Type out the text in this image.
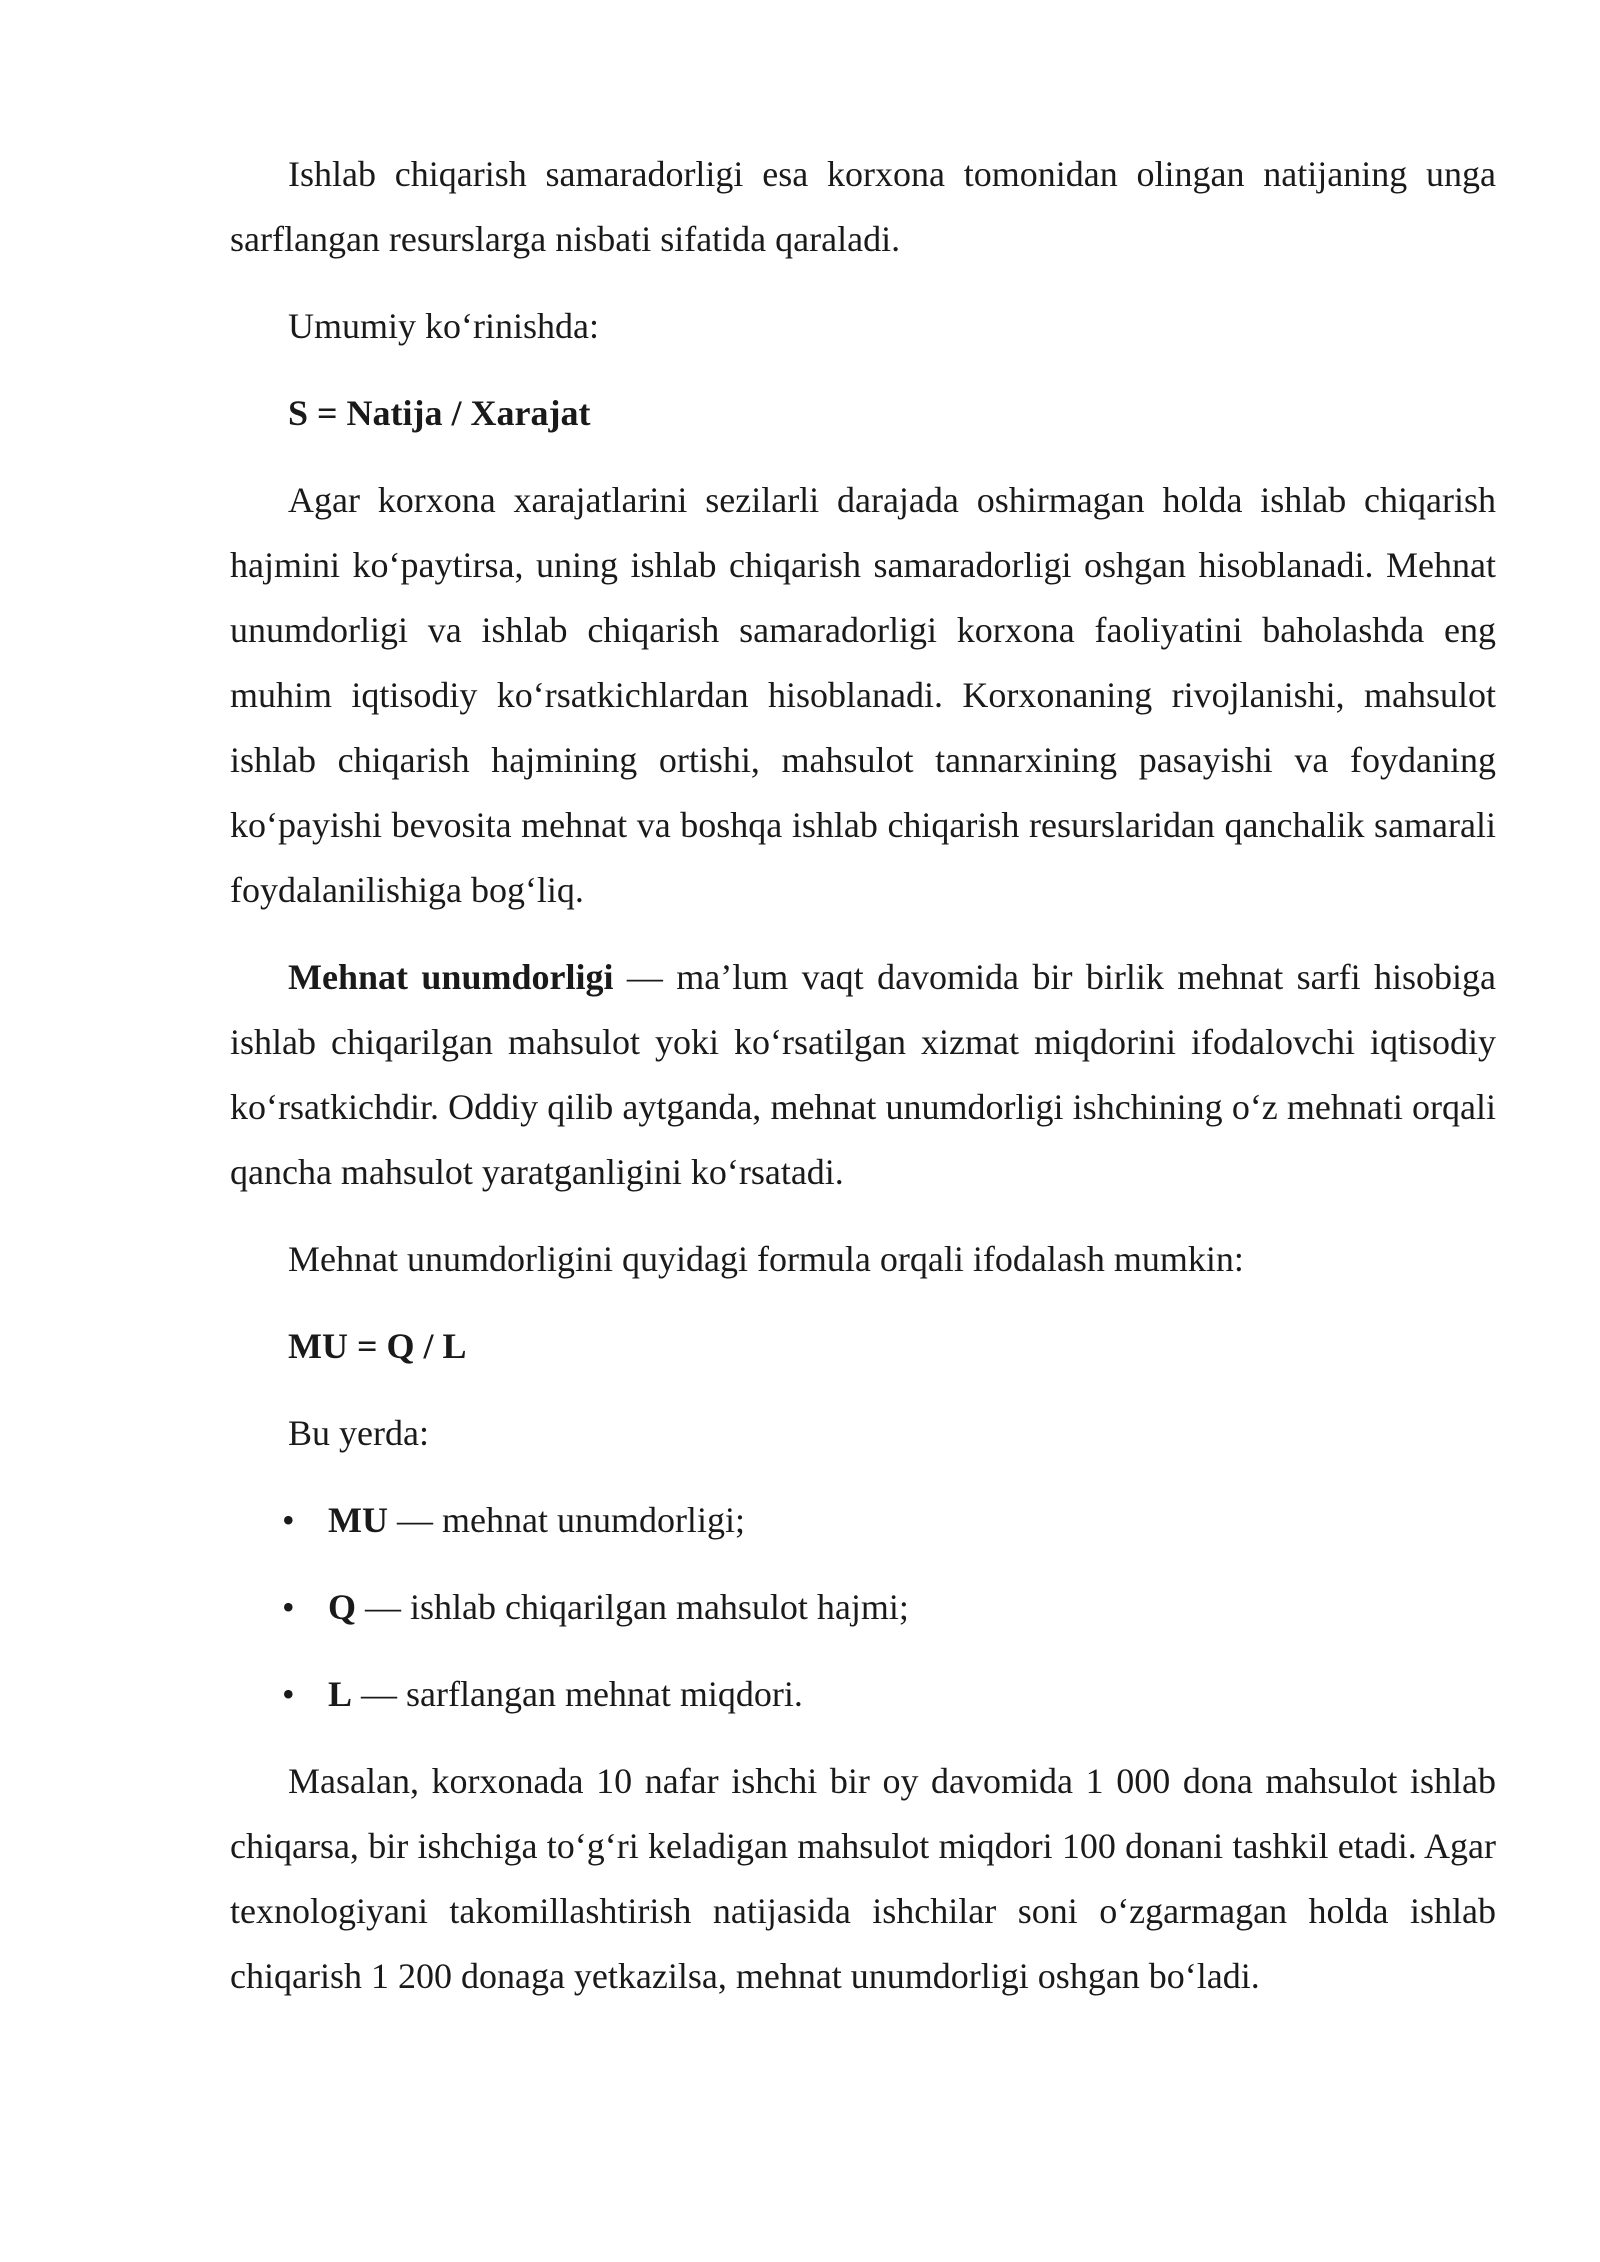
Ishlab chiqarish samaradorligi esa korxona tomonidan olingan natijaning unga sarflangan resurslarga nisbati sifatida qaraladi.

Umumiy ko‘rinishda:

S = Natija / Xarajat

Agar korxona xarajatlarini sezilarli darajada oshirmagan holda ishlab chiqarish hajmini ko‘paytirsa, uning ishlab chiqarish samaradorligi oshgan hisoblanadi. Mehnat unumdorligi va ishlab chiqarish samaradorligi korxona faoliyatini baholashda eng muhim iqtisodiy ko‘rsatkichlardan hisoblanadi. Korxonaning rivojlanishi, mahsulot ishlab chiqarish hajmining ortishi, mahsulot tannarxining pasayishi va foydaning ko‘payishi bevosita mehnat va boshqa ishlab chiqarish resurslaridan qanchalik samarali foydalanilishiga bog‘liq.

Mehnat unumdorligi — ma’lum vaqt davomida bir birlik mehnat sarfi hisobiga ishlab chiqarilgan mahsulot yoki ko‘rsatilgan xizmat miqdorini ifodalovchi iqtisodiy ko‘rsatkichdir. Oddiy qilib aytganda, mehnat unumdorligi ishchining o‘z mehnati orqali qancha mahsulot yaratganligini ko‘rsatadi.

Mehnat unumdorligini quyidagi formula orqali ifodalash mumkin:

MU = Q / L

Bu yerda:

• MU — mehnat unumdorligi;
• Q — ishlab chiqarilgan mahsulot hajmi;
• L — sarflangan mehnat miqdori.

Masalan, korxonada 10 nafar ishchi bir oy davomida 1 000 dona mahsulot ishlab chiqarsa, bir ishchiga to‘g‘ri keladigan mahsulot miqdori 100 donani tashkil etadi. Agar texnologiyani takomillashtirish natijasida ishchilar soni o‘zgarmagan holda ishlab chiqarish 1 200 donaga yetkazilsa, mehnat unumdorligi oshgan bo‘ladi.
